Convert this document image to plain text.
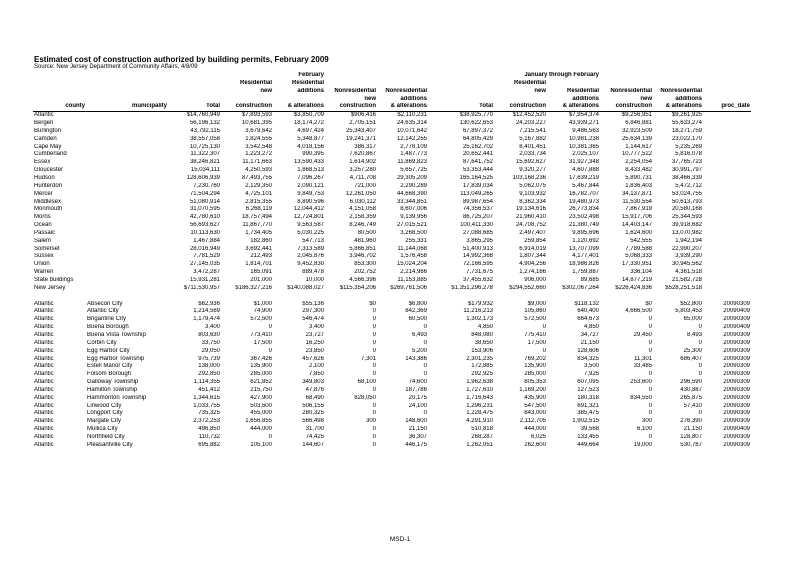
Estimated cost of construction authorized by building permits, February 2009

Source: New Jersey Department of Community Affairs, 4/8/09

				February				January through February				
			Residential	Residential				Residential				
			new	additions	Nonresidential	Nonresidential		new	Residential	Nonresidential	Nonresidential	
					new	additions			additions	new	additions	
county	municipality	Total	construction	& alterations	construction	& alterations	Total	construction	& alterations	construction	& alterations	proc_date
Atlantic		$14,760,949	$7,893,593	$3,850,709	$906,416	$2,110,231	$38,925,770	$12,452,520	$7,954,374	$9,256,951	$9,261,925	
Bergen		56,196,132	10,681,395	18,174,272	2,705,151	24,635,314	130,622,653	24,203,227	43,939,271	6,846,881	55,633,274	
Burlington		43,792,115	3,679,642	4,697,424	25,343,407	10,071,642	67,897,372	7,215,541	9,486,563	32,923,509	18,271,759	
Camden		38,557,058	1,824,555	5,348,877	19,241,371	12,142,255	64,805,429	5,167,882	10,981,238	25,634,139	23,022,170	
Cape May		10,725,130	3,542,548	4,018,156	386,317	2,778,109	25,162,702	8,401,451	10,381,365	1,144,617	5,235,269	
Cumberland		11,322,307	1,223,272	990,395	7,620,867	1,487,773	20,652,441	2,033,734	2,025,107	10,777,522	5,816,078	
Essex		38,246,821	11,171,663	13,590,433	1,614,902	11,869,823	87,641,752	15,692,627	31,927,348	2,254,054	37,765,723	
Gloucester		15,034,111	4,250,593	1,868,513	3,257,280	5,657,725	53,353,444	9,320,277	4,607,888	8,433,482	30,991,797	
Hudson		128,606,939	87,493,755	7,096,267	4,711,708	29,305,209	165,164,525	103,168,236	17,639,219	5,890,731	38,466,339	
Hunterdon		7,230,760	2,129,350	2,090,121	721,000	2,290,289	17,839,034	5,062,075	5,467,844	1,836,403	5,472,712	
Mercer		71,504,294	4,725,101	9,849,753	12,261,050	44,668,390	113,049,265	9,103,932	16,782,707	34,137,871	53,024,755	
Middlesex		51,080,914	2,815,355	8,890,596	6,030,112	33,344,851	89,987,654	8,362,334	19,480,973	11,530,554	50,613,793	
Monmouth		31,070,595	6,268,119	12,044,412	4,151,058	8,607,006	74,356,537	19,134,616	26,773,834	7,867,919	20,580,168	
Morris		42,780,610	18,757,494	12,724,801	2,158,359	9,139,956	86,725,207	21,960,410	23,502,498	15,917,706	25,344,593	
Ocean		56,693,627	11,867,770	9,563,587	8,246,749	27,015,521	100,411,330	24,708,752	21,380,749	14,403,147	39,918,682	
Passaic		10,113,630	1,734,405	5,030,225	80,500	3,268,500	27,088,685	2,497,407	9,895,696	1,624,600	13,070,982	
Salem		1,467,884	182,860	547,713	481,960	255,331	3,865,295	259,854	1,120,692	542,555	1,942,194	
Somerset		28,016,949	3,692,441	7,313,589	5,866,851	11,144,068	51,400,913	6,914,019	13,707,099	7,789,588	22,990,207	
Sussex		7,781,529	212,493	2,045,876	3,946,702	1,576,458	14,992,368	1,807,344	4,177,401	5,068,333	3,939,290	
Union		27,145,035	1,814,701	9,452,830	853,300	15,024,204	72,166,595	4,904,256	18,986,826	17,330,951	30,945,562	
Warren		3,472,287	165,091	889,478	202,752	2,214,966	7,731,675	1,274,166	1,759,887	336,104	4,361,518	
State buildings		15,931,281	201,000	10,000	4,566,396	11,153,885	37,455,632	906,000	89,685	14,877,219	21,582,728	
New Jersey		$711,530,957	$186,327,216	$140,088,027	$115,354,206	$269,761,506	$1,351,296,278	$294,552,660	$302,067,264	$226,424,836	$528,251,518	

Atlantic	Absecon City	$62,936	$1,000	$55,136	$0	$6,800	$179,932	$9,000	$118,132	$0	$52,800	20090309
Atlantic	Atlantic City	1,214,569	74,900	297,300	0	842,369	11,216,213	105,860	640,400	4,666,500	5,803,453	20090409
Atlantic	Brigantine City	1,179,474	572,500	546,474	0	60,500	1,302,173	572,500	664,673	0	65,000	20090309
Atlantic	Buena Borough	3,400	0	3,400	0	0	4,850	0	4,850	0	0	20090409
Atlantic	Buena Vista Township	803,630	773,410	23,727	0	6,493	848,080	775,410	34,727	29,450	8,493	20090309
Atlantic	Corbin City	33,750	17,500	16,250	0	0	38,650	17,500	21,150	0	0	20090309
Atlantic	Egg Harbor City	29,050	0	23,850	0	5,200	153,906	0	128,606	0	25,300	20090309
Atlantic	Egg Harbor Township	975,739	367,426	457,626	7,301	143,386	2,301,235	769,202	834,325	11,301	686,407	20090309
Atlantic	Estell Manor City	138,000	135,900	2,100	0	0	172,885	135,900	3,500	33,485	0	20090309
Atlantic	Folsom Borough	292,850	285,000	7,850	0	0	292,925	285,000	7,925	0	0	20090309
Atlantic	Galloway Township	1,114,355	621,852	349,803	68,100	74,600	1,962,638	805,353	607,095	253,600	296,590	20090309
Atlantic	Hamilton Township	451,412	215,750	47,876	0	187,786	1,727,610	1,169,200	127,523	0	430,887	20090309
Atlantic	Hammonton Township	1,344,615	427,900	68,490	828,050	20,175	1,716,643	435,900	180,318	834,550	265,875	20090309
Atlantic	Linwood City	1,033,755	503,500	506,155	0	24,100	1,296,231	547,500	691,321	0	57,410	20090309
Atlantic	Longport City	735,325	455,000	280,325	0	0	1,228,475	843,000	385,475	0	0	20090309
Atlantic	Margate City	2,372,253	1,656,855	566,498	300	148,600	4,291,910	2,112,705	1,902,515	300	276,390	20090309
Atlantic	Mullica City	496,850	444,000	31,700	0	21,150	510,818	444,000	39,568	6,100	21,150	20090409
Atlantic	Northfield City	110,732	0	74,425	0	36,307	268,287	6,025	133,455	0	128,807	20090309
Atlantic	Pleasantville City	695,882	105,100	144,607	0	446,175	1,262,051	262,600	449,664	19,000	530,787	20090309

MSD-1
